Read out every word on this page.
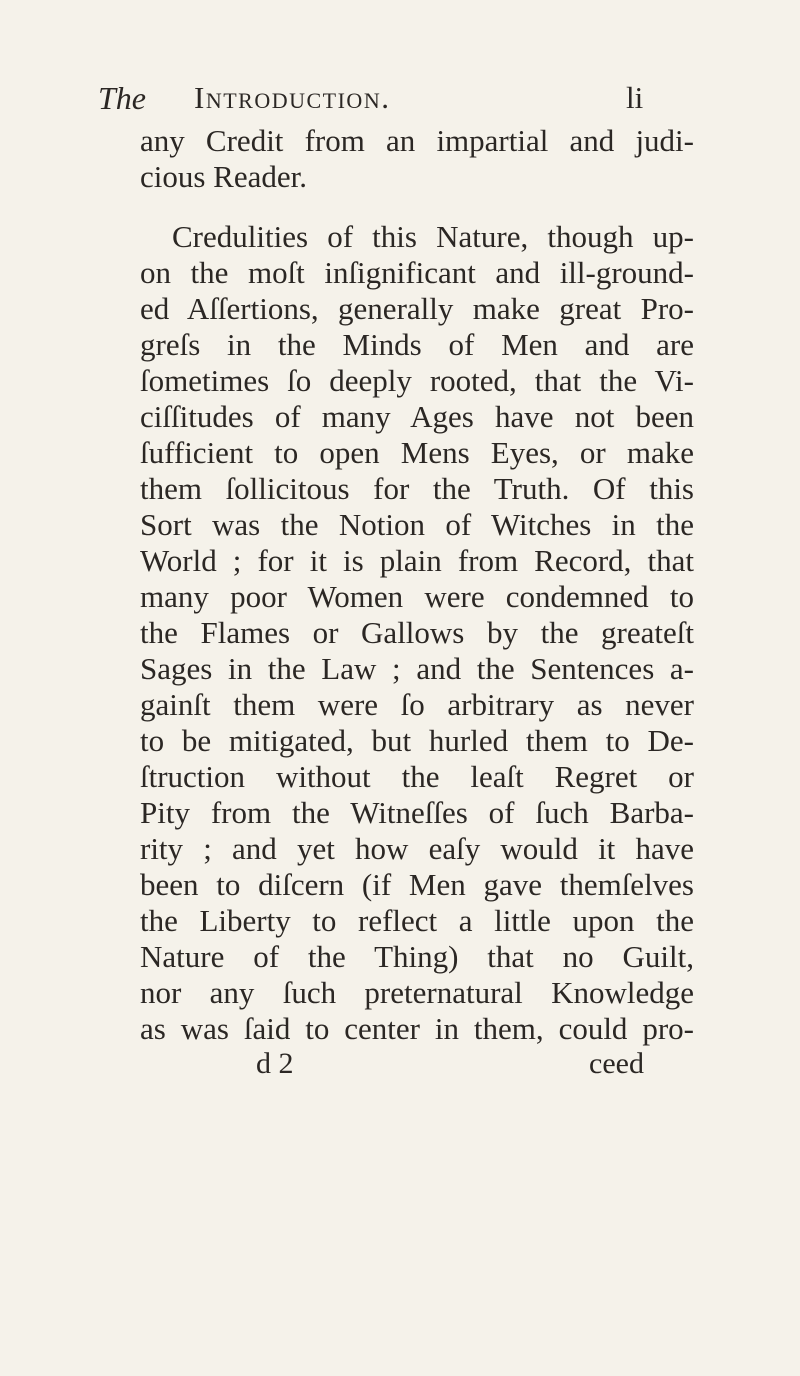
The Introduction.	li
any Credit from an impartial and judi-
cious Reader.
Credulities of this Nature, though up-
on the moſt inſignificant and ill-ground-
ed Aſſertions, generally make great Pro-
greſs in the Minds of Men and are
ſometimes ſo deeply rooted, that the Vi-
ciſſitudes of many Ages have not been
ſufficient to open Mens Eyes, or make
them ſollicitous for the Truth. Of this
Sort was the Notion of Witches in the
World ; for it is plain from Record, that
many poor Women were condemned to
the Flames or Gallows by the greateſt
Sages in the Law ; and the Sentences a-
gainſt them were ſo arbitrary as never
to be mitigated, but hurled them to De-
ſtruction without the leaſt Regret or
Pity from the Witneſſes of ſuch Barba-
rity ; and yet how eaſy would it have
been to diſcern (if Men gave themſelves
the Liberty to reflect a little upon the
Nature of the Thing) that no Guilt,
nor any ſuch preternatural Knowledge
as was ſaid to center in them, could pro-
d 2	ceed
